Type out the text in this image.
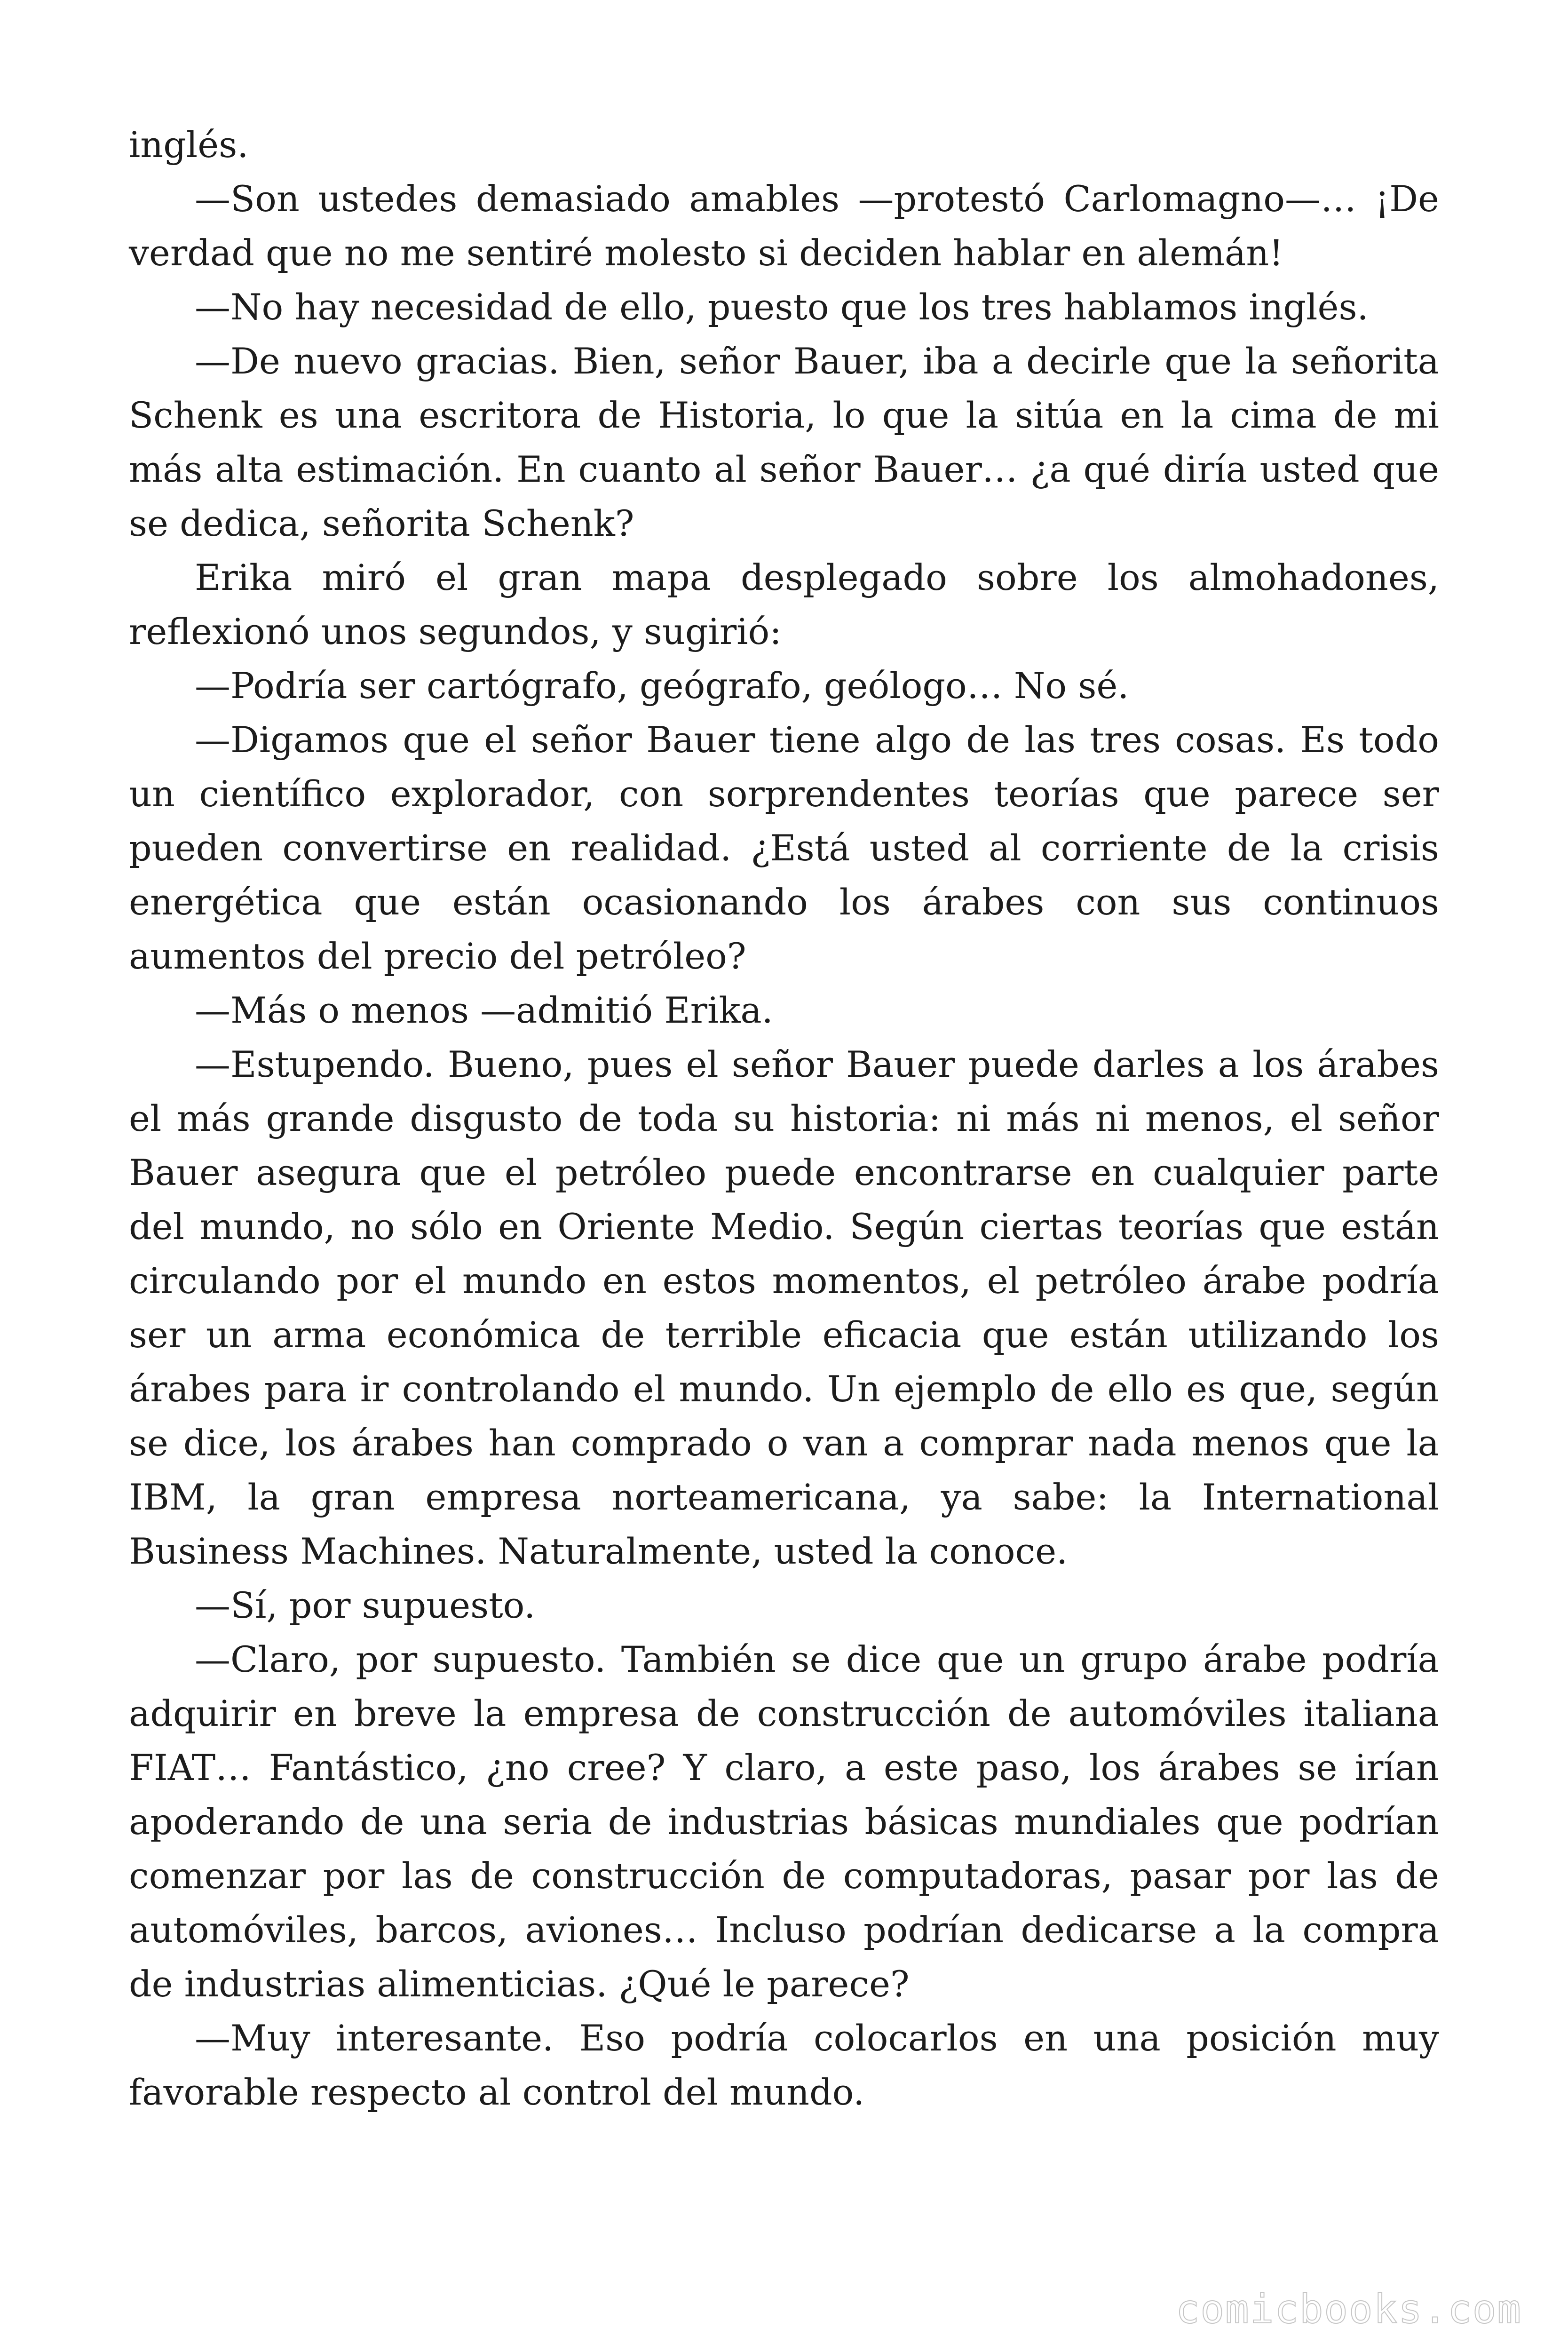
inglés.

—Son ustedes demasiado amables —protestó Carlomagno—… ¡De verdad que no me sentiré molesto si deciden hablar en alemán!

—No hay necesidad de ello, puesto que los tres hablamos inglés.

—De nuevo gracias. Bien, señor Bauer, iba a decirle que la señorita Schenk es una escritora de Historia, lo que la sitúa en la cima de mi más alta estimación. En cuanto al señor Bauer… ¿a qué diría usted que se dedica, señorita Schenk?

Erika miró el gran mapa desplegado sobre los almohadones, reflexionó unos segundos, y sugirió:

—Podría ser cartógrafo, geógrafo, geólogo… No sé.

—Digamos que el señor Bauer tiene algo de las tres cosas. Es todo un científico explorador, con sorprendentes teorías que parece ser pueden convertirse en realidad. ¿Está usted al corriente de la crisis energética que están ocasionando los árabes con sus continuos aumentos del precio del petróleo?

—Más o menos —admitió Erika.

—Estupendo. Bueno, pues el señor Bauer puede darles a los árabes el más grande disgusto de toda su historia: ni más ni menos, el señor Bauer asegura que el petróleo puede encontrarse en cualquier parte del mundo, no sólo en Oriente Medio. Según ciertas teorías que están circulando por el mundo en estos momentos, el petróleo árabe podría ser un arma económica de terrible eficacia que están utilizando los árabes para ir controlando el mundo. Un ejemplo de ello es que, según se dice, los árabes han comprado o van a comprar nada menos que la IBM, la gran empresa norteamericana, ya sabe: la International Business Machines. Naturalmente, usted la conoce.

—Sí, por supuesto.

—Claro, por supuesto. También se dice que un grupo árabe podría adquirir en breve la empresa de construcción de automóviles italiana FIAT… Fantástico, ¿no cree? Y claro, a este paso, los árabes se irían apoderando de una seria de industrias básicas mundiales que podrían comenzar por las de construcción de computadoras, pasar por las de automóviles, barcos, aviones… Incluso podrían dedicarse a la compra de industrias alimenticias. ¿Qué le parece?

—Muy interesante. Eso podría colocarlos en una posición muy favorable respecto al control del mundo.

comicbooks.com
